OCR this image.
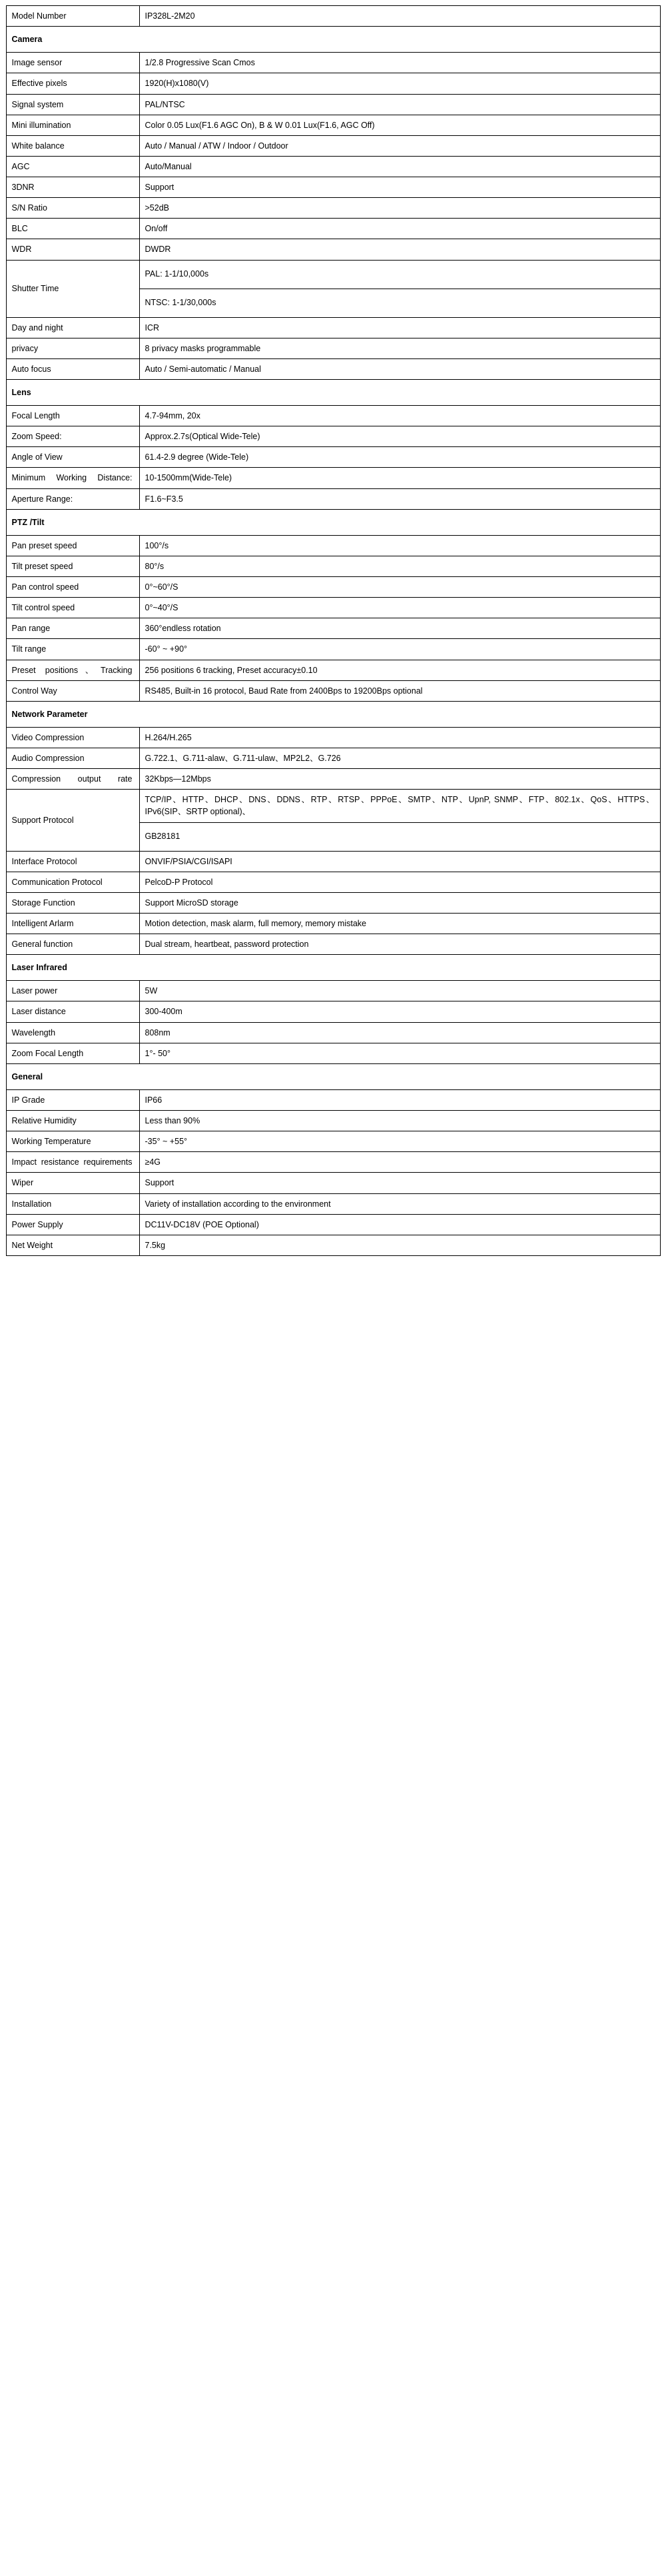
Model Number	IP328L-2M20
Camera	
Image sensor	1/2.8 Progressive Scan Cmos
Effective pixels	1920(H)x1080(V)
Signal system	PAL/NTSC
Mini illumination	Color 0.05 Lux(F1.6 AGC On), B & W 0.01 Lux(F1.6, AGC Off)
White balance	Auto / Manual / ATW / Indoor / Outdoor
AGC	Auto/Manual
3DNR	Support
S/N Ratio	>52dB
BLC	On/off
WDR	DWDR
Shutter Time	PAL: 1-1/10,000s
	NTSC: 1-1/30,000s
Day and night	ICR
privacy	8 privacy masks programmable
Auto focus	Auto / Semi-automatic / Manual
Lens	
Focal Length	4.7-94mm, 20x
Zoom Speed:	Approx.2.7s(Optical Wide-Tele)
Angle of View	61.4-2.9 degree (Wide-Tele)
Minimum Working Distance:	10-1500mm(Wide-Tele)
Aperture Range:	F1.6~F3.5
PTZ /Tilt	
Pan preset speed	100°/s
Tilt preset speed	80°/s
Pan control speed	0°~60°/S
Tilt control speed	0°~40°/S
Pan range	360°endless rotation
Tilt range	-60° ~ +90°
Preset positions、Tracking	256 positions 6 tracking, Preset accuracy±0.10
Control Way	RS485, Built-in 16 protocol, Baud Rate from 2400Bps to 19200Bps optional
Network Parameter	
Video Compression	H.264/H.265
Audio Compression	G.722.1、G.711-alaw、G.711-ulaw、MP2L2、G.726
Compression output rate	32Kbps—12Mbps
Support Protocol	TCP/IP、HTTP、DHCP、DNS、DDNS、RTP、RTSP、PPPoE、SMTP、NTP、UpnP, SNMP、FTP、802.1x、QoS、HTTPS、IPv6(SIP、SRTP optional)、
	GB28181
Interface Protocol	ONVIF/PSIA/CGI/ISAPI
Communication Protocol	PelcoD-P Protocol
Storage Function	Support MicroSD storage
Intelligent Arlarm	Motion detection, mask alarm, full memory, memory mistake
General function	Dual stream, heartbeat, password protection
Laser Infrared	
Laser power	5W
Laser distance	300-400m
Wavelength	808nm
Zoom Focal Length	1°- 50°
General	
IP Grade	IP66
Relative Humidity	Less than 90%
Working Temperature	-35° ~ +55°
Impact resistance requirements	≥4G
Wiper	Support
Installation	Variety of installation according to the environment
Power Supply	DC11V-DC18V (POE Optional)
Net Weight	7.5kg
